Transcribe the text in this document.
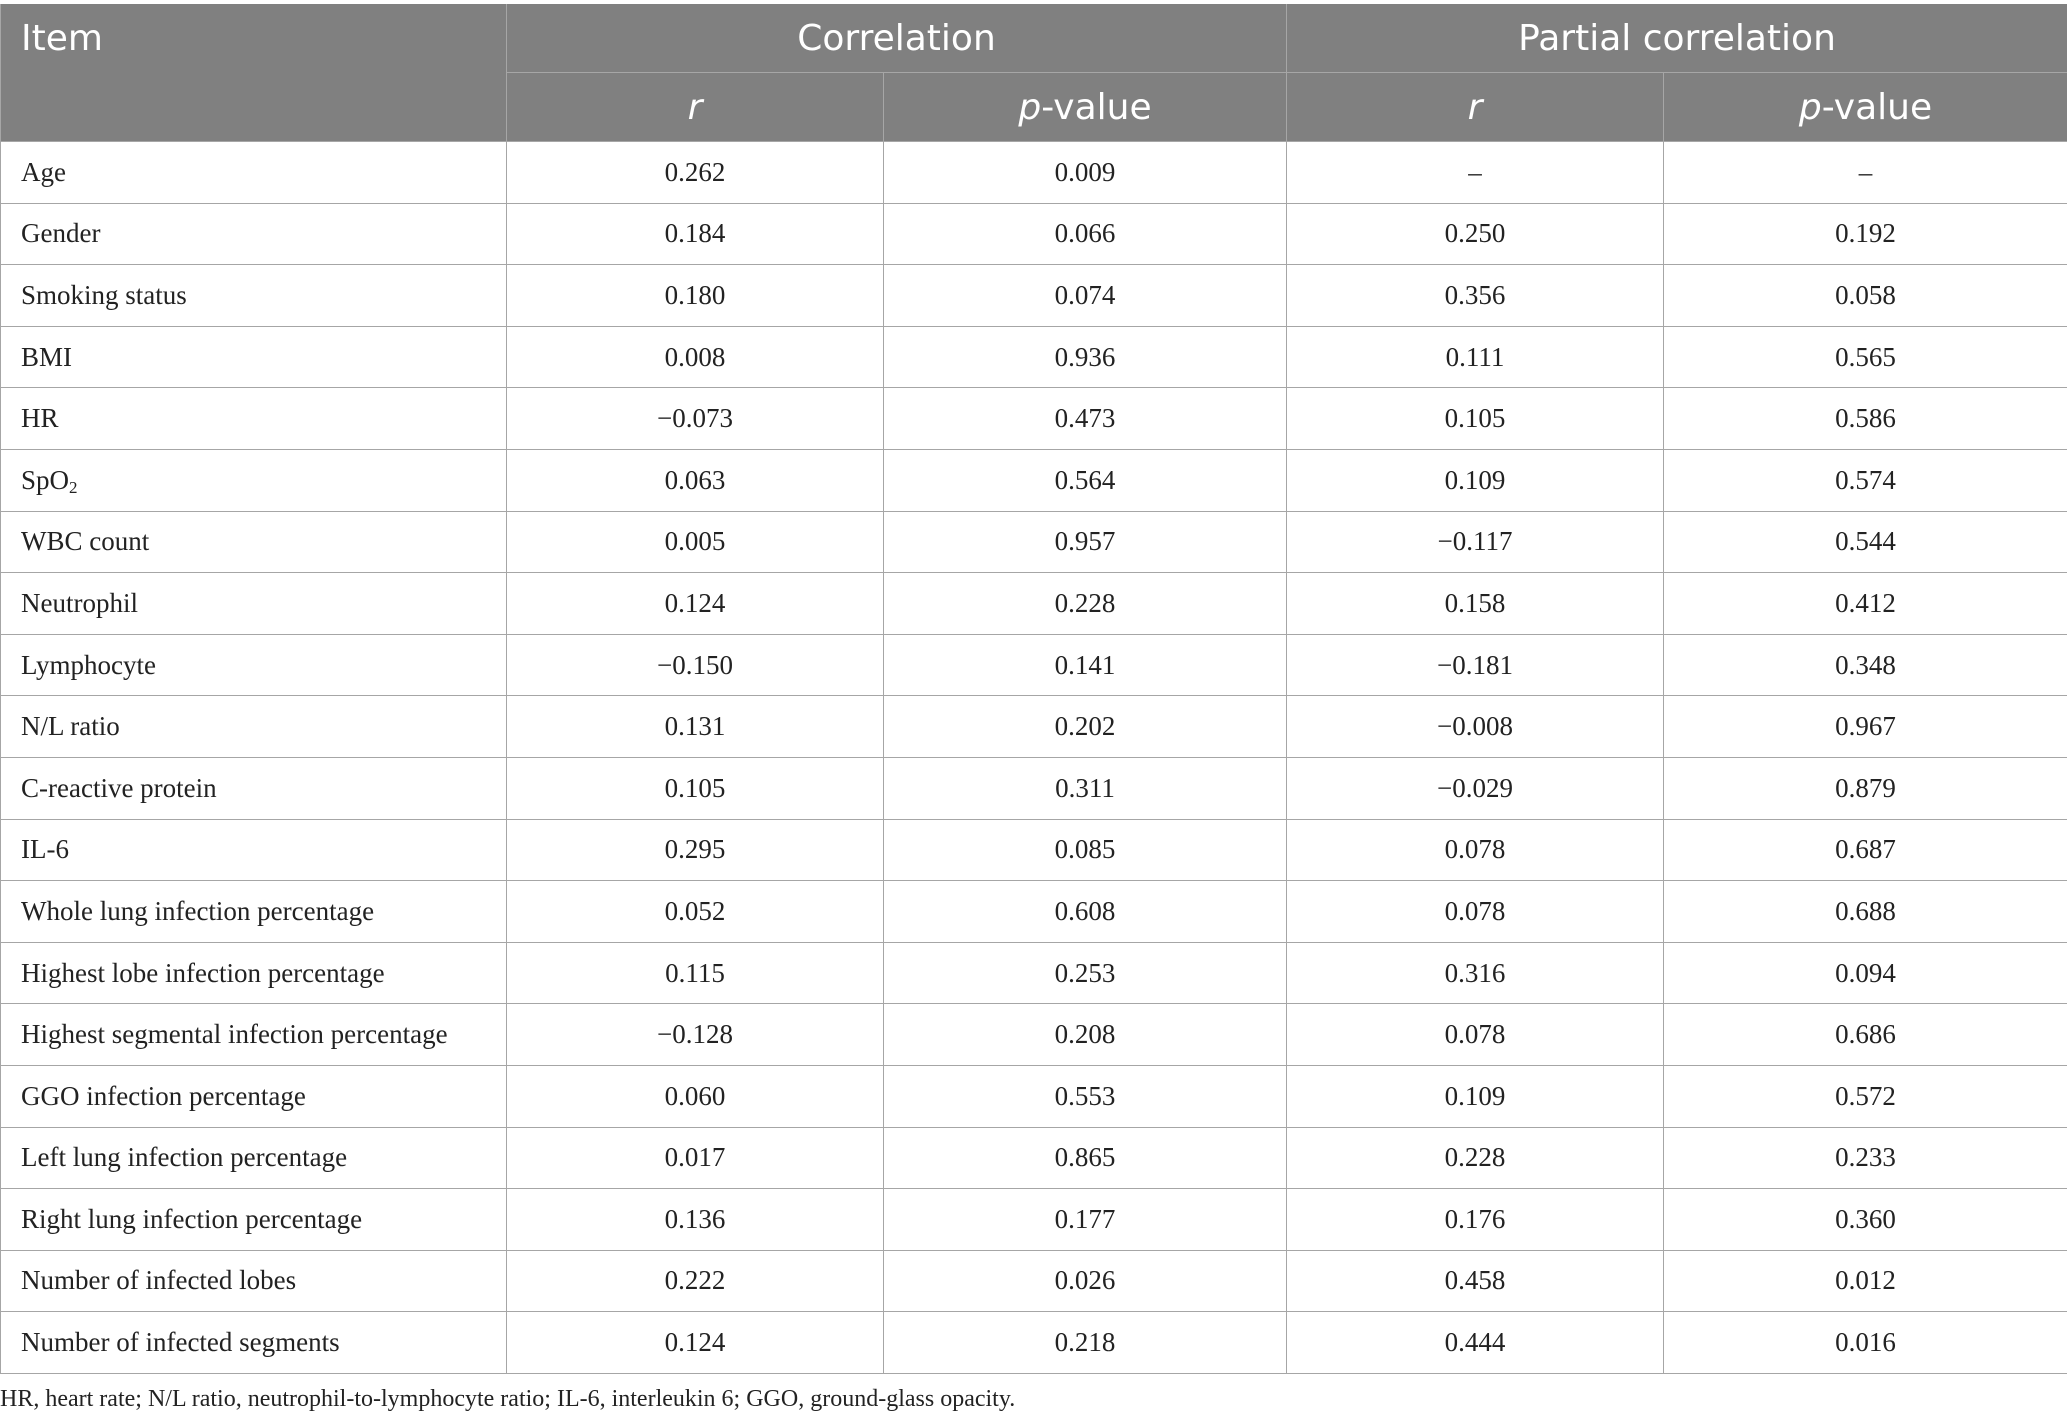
Item	Correlation		Partial correlation	
	r	p-value	r	p-value
Age	0.262	0.009	–	–
Gender	0.184	0.066	0.250	0.192
Smoking status	0.180	0.074	0.356	0.058
BMI	0.008	0.936	0.111	0.565
HR	−0.073	0.473	0.105	0.586
SpO$_2$	0.063	0.564	0.109	0.574
WBC count	0.005	0.957	−0.117	0.544
Neutrophil	0.124	0.228	0.158	0.412
Lymphocyte	−0.150	0.141	−0.181	0.348
N/L ratio	0.131	0.202	−0.008	0.967
C-reactive protein	0.105	0.311	−0.029	0.879
IL-6	0.295	0.085	0.078	0.687
Whole lung infection percentage	0.052	0.608	0.078	0.688
Highest lobe infection percentage	0.115	0.253	0.316	0.094
Highest segmental infection percentage	−0.128	0.208	0.078	0.686
GGO infection percentage	0.060	0.553	0.109	0.572
Left lung infection percentage	0.017	0.865	0.228	0.233
Right lung infection percentage	0.136	0.177	0.176	0.360
Number of infected lobes	0.222	0.026	0.458	0.012
Number of infected segments	0.124	0.218	0.444	0.016
HR, heart rate; N/L ratio, neutrophil-to-lymphocyte ratio; IL-6, interleukin 6; GGO, ground-glass opacity.
